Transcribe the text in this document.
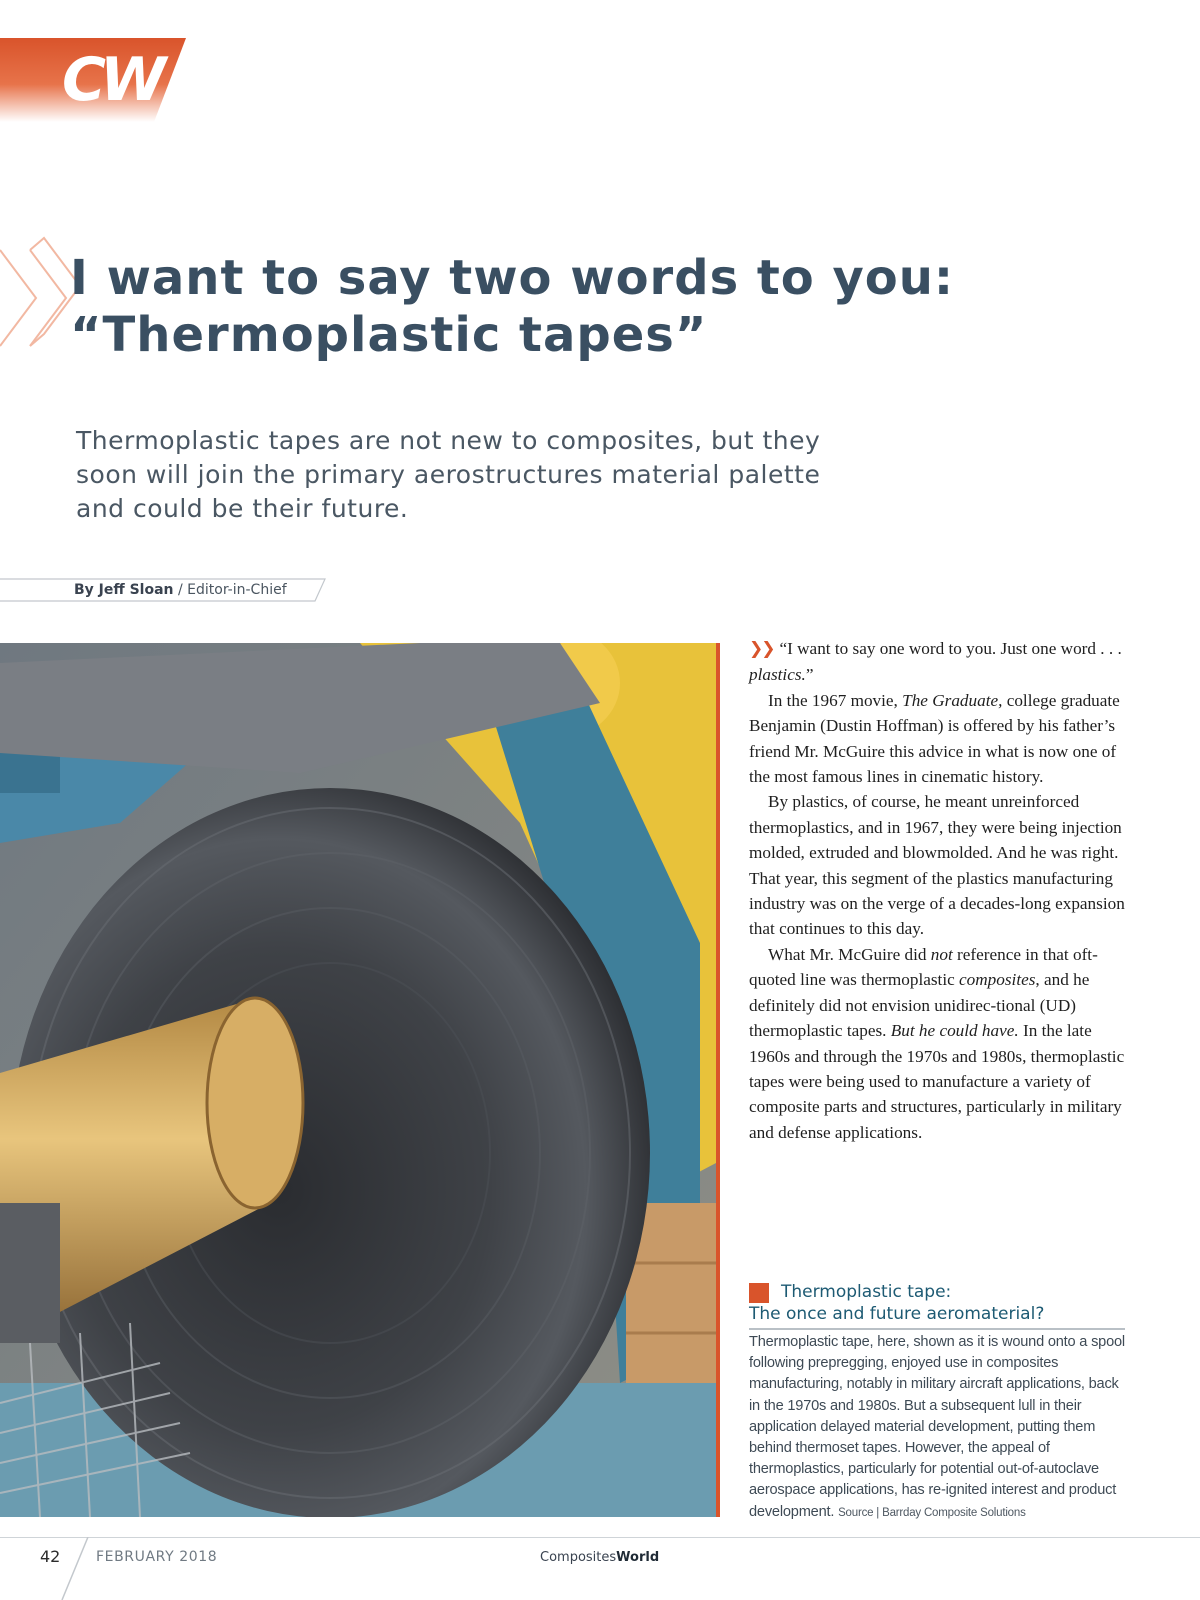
CW
I want to say two words to you:
“Thermoplastic tapes”

Thermoplastic tapes are not new to composites, but they soon will join the primary aerostructures material palette and could be their future.

By Jeff Sloan / Editor-in-Chief

❯❯ “I want to say one word to you. Just one word . . . plastics.”

In the 1967 movie, The Graduate, college graduate Benjamin (Dustin Hoffman) is offered by his father’s friend Mr. McGuire this advice in what is now one of the most famous lines in cinematic history.

By plastics, of course, he meant unreinforced thermoplastics, and in 1967, they were being injection molded, extruded and blowmolded. And he was right. That year, this segment of the plastics manufacturing industry was on the verge of a decades-long expansion that continues to this day.

What Mr. McGuire did not reference in that oft-quoted line was thermoplastic composites, and he definitely did not envision unidirec-tional (UD) thermoplastic tapes. But he could have. In the late 1960s and through the 1970s and 1980s, thermoplastic tapes were being used to manufacture a variety of composite parts and structures, particularly in military and defense applications.

Thermoplastic tape:
The once and future aeromaterial?

Thermoplastic tape, here, shown as it is wound onto a spool following prepregging, enjoyed use in composites manufacturing, notably in military aircraft applications, back in the 1970s and 1980s. But a subsequent lull in their application delayed material development, putting them behind thermoset tapes. However, the appeal of thermoplastics, particularly for potential out-of-autoclave aerospace applications, has re-ignited interest and product development. Source | Barrday Composite Solutions

42	FEBRUARY 2018	CompositesWorld
